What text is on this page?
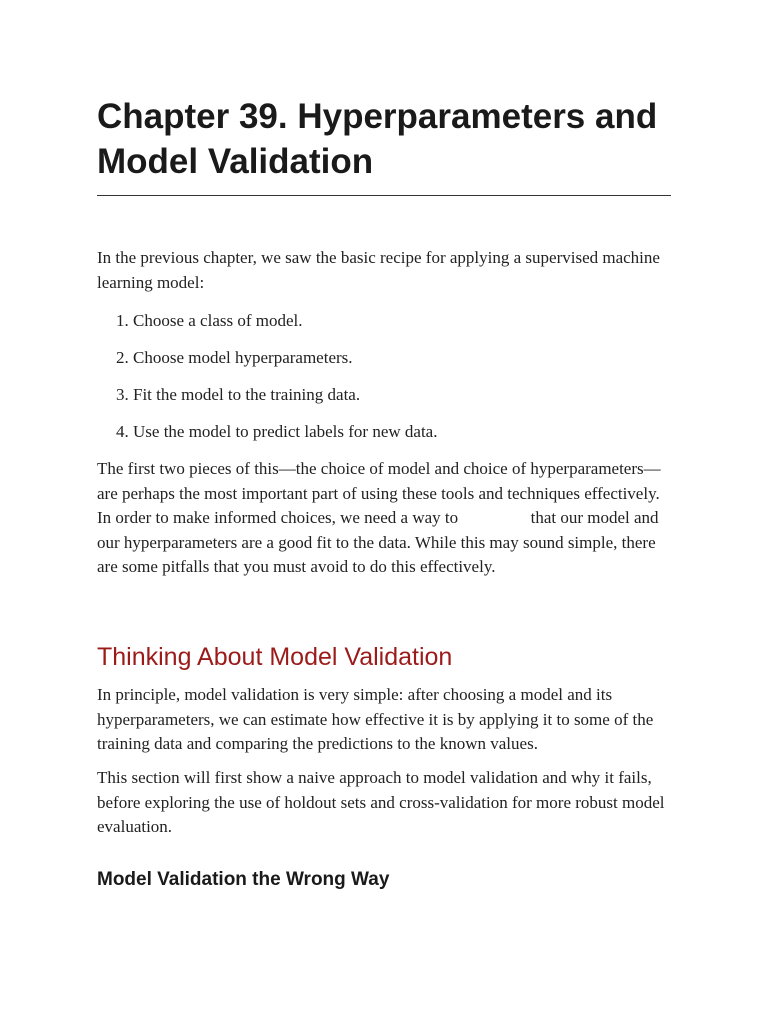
Chapter 39. Hyperparameters and Model Validation

In the previous chapter, we saw the basic recipe for applying a supervised machine learning model:

1. Choose a class of model.
2. Choose model hyperparameters.
3. Fit the model to the training data.
4. Use the model to predict labels for new data.

The first two pieces of this—the choice of model and choice of hyperparameters—are perhaps the most important part of using these tools and techniques effectively. In order to make informed choices, we need a way to	that our model and our hyperparameters are a good fit to the data. While this may sound simple, there are some pitfalls that you must avoid to do this effectively.

Thinking About Model Validation

In principle, model validation is very simple: after choosing a model and its hyperparameters, we can estimate how effective it is by applying it to some of the training data and comparing the predictions to the known values.

This section will first show a naive approach to model validation and why it fails, before exploring the use of holdout sets and cross-validation for more robust model evaluation.

Model Validation the Wrong Way
